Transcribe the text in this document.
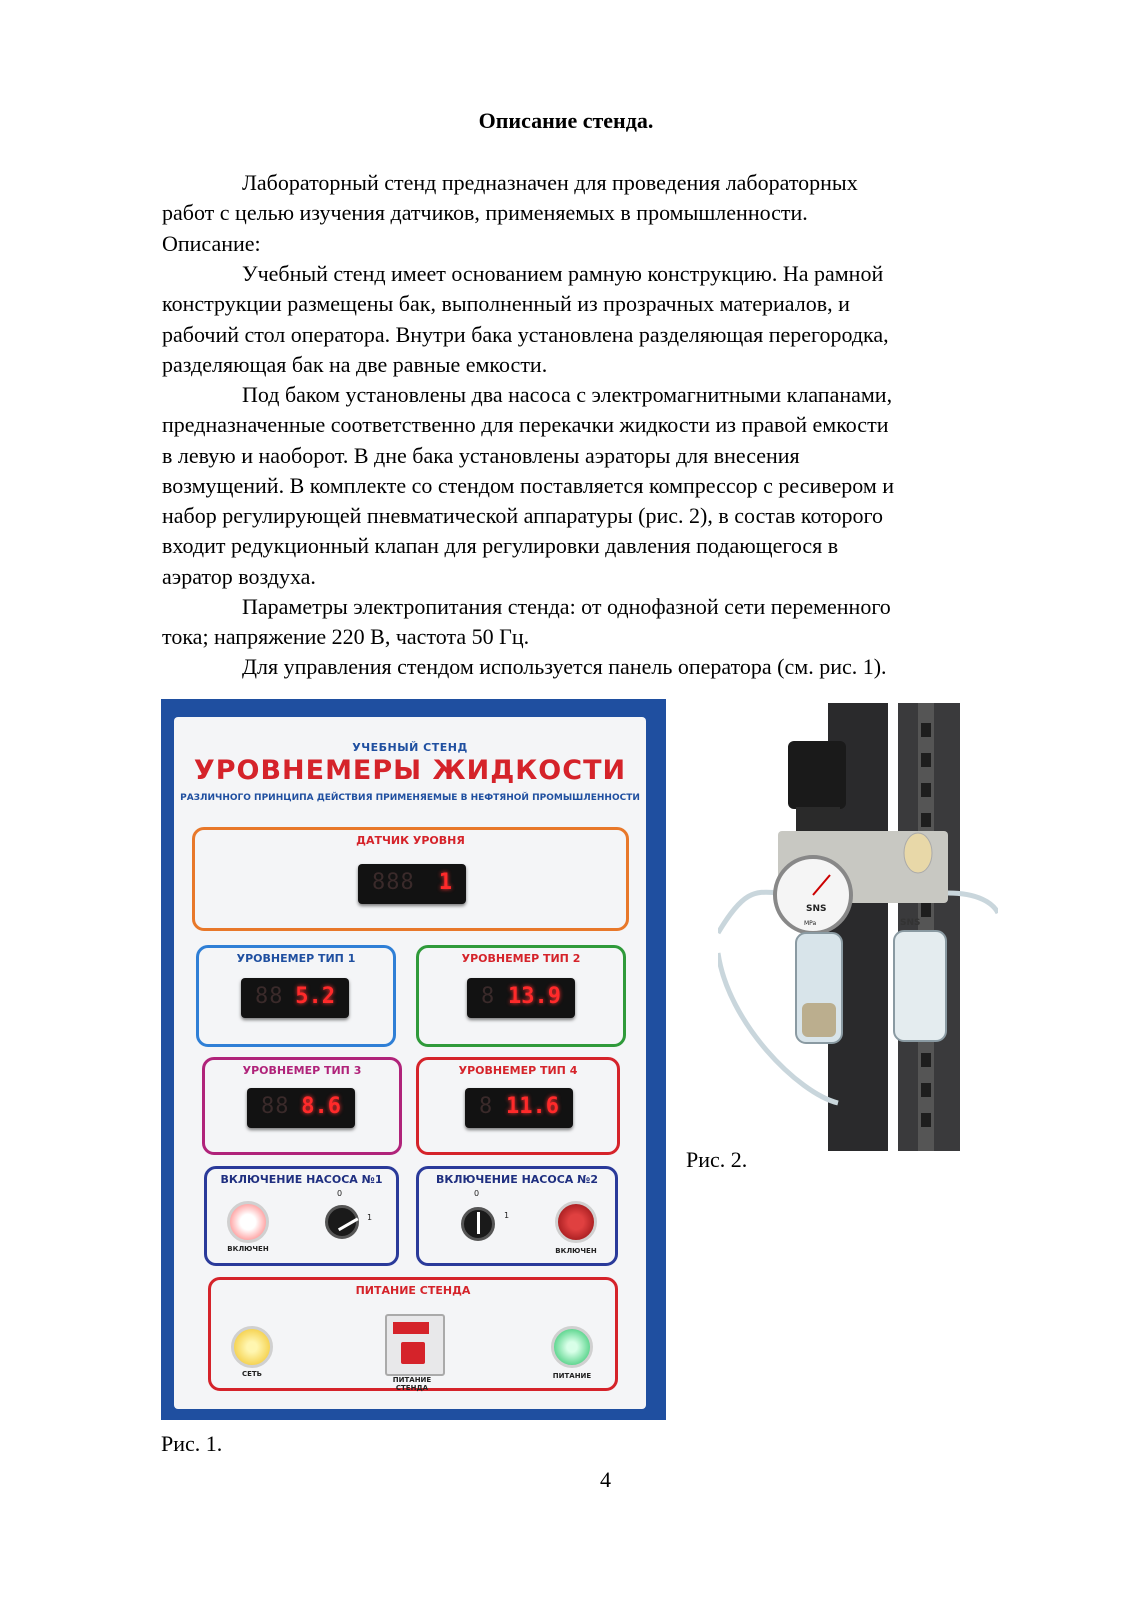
Описание стенда.

Лабораторный стенд предназначен для проведения лабораторных
работ с целью изучения датчиков, применяемых в промышленности.
Описание:

Учебный стенд имеет основанием рамную конструкцию. На рамной
конструкции размещены бак, выполненный из прозрачных материалов, и
рабочий стол оператора. Внутри бака установлена разделяющая перегородка,
разделяющая бак на две равные емкости.

Под баком установлены два насоса с электромагнитными клапанами,
предназначенные соответственно для перекачки жидкости из правой емкости
в левую и наоборот. В дне бака установлены аэраторы для внесения
возмущений. В комплекте со стендом поставляется компрессор с ресивером и
набор регулирующей пневматической аппаратуры (рис. 2), в состав которого
входит редукционный клапан для регулировки давления подающегося в
аэратор воздуха.

Параметры электропитания стенда: от однофазной сети переменного
тока; напряжение 220 В, частота 50 Гц.

Для управления стендом используется панель оператора (см. рис. 1).

УЧЕБНЫЙ СТЕНД
УРОВНЕМЕРЫ ЖИДКОСТИ
РАЗЛИЧНОГО ПРИНЦИПА ДЕЙСТВИЯ ПРИМЕНЯЕМЫЕ В НЕФТЯНОЙ ПРОМЫШЛЕННОСТИ
ДАТЧИК УРОВНЯ
888 1
УРОВНЕМЕР ТИП 1
88 5.2
УРОВНЕМЕР ТИП 2
8 13.9
УРОВНЕМЕР ТИП 3
88 8.6
УРОВНЕМЕР ТИП 4
8 11.6
ВКЛЮЧЕНИЕ НАСОСА №1
ВКЛЮЧЕН
0
1
ВКЛЮЧЕНИЕ НАСОСА №2
0
1
ВКЛЮЧЕН
ПИТАНИЕ СТЕНДА
СЕТЬ
ПИТАНИЕ СТЕНДА
ПИТАНИЕ
SNS
MPa	SNS
Рис. 2.
Рис. 1.
4
